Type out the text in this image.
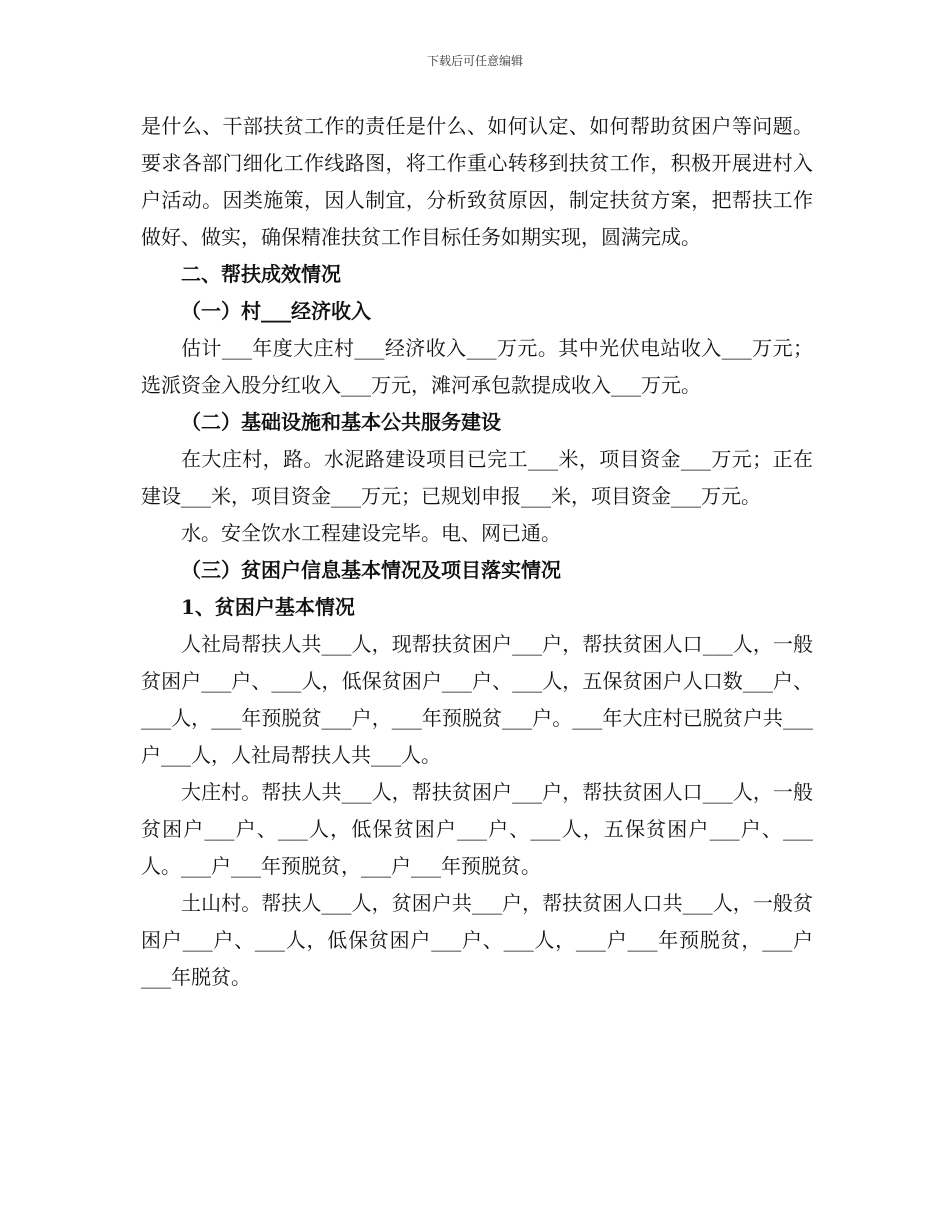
下载后可任意编辑

是什么、干部扶贫工作的责任是什么、如何认定、如何帮助贫困户等问题。要求各部门细化工作线路图，将工作重心转移到扶贫工作，积极开展进村入户活动。因类施策，因人制宜，分析致贫原因，制定扶贫方案，把帮扶工作做好、做实，确保精准扶贫工作目标任务如期实现，圆满完成。

二、帮扶成效情况

（一）村___经济收入

估计___年度大庄村___经济收入___万元。其中光伏电站收入___万元；选派资金入股分红收入___万元，滩河承包款提成收入___万元。

（二）基础设施和基本公共服务建设

在大庄村，路。水泥路建设项目已完工___米，项目资金___万元；正在建设___米，项目资金___万元；已规划申报___米，项目资金___万元。

水。安全饮水工程建设完毕。电、网已通。

（三）贫困户信息基本情况及项目落实情况

1、贫困户基本情况

人社局帮扶人共___人，现帮扶贫困户___户，帮扶贫困人口___人，一般贫困户___户、___人，低保贫困户___户、___人，五保贫困户人口数___户、___人，___年预脱贫___户，___年预脱贫___户。___年大庄村已脱贫户共___户___人，人社局帮扶人共___人。

大庄村。帮扶人共___人，帮扶贫困户___户，帮扶贫困人口___人，一般贫困户___户、___人，低保贫困户___户、___人，五保贫困户___户、___人。___户___年预脱贫，___户___年预脱贫。

土山村。帮扶人___人，贫困户共___户，帮扶贫困人口共___人，一般贫困户___户、___人，低保贫困户___户、___人，___户___年预脱贫，___户___年脱贫。
